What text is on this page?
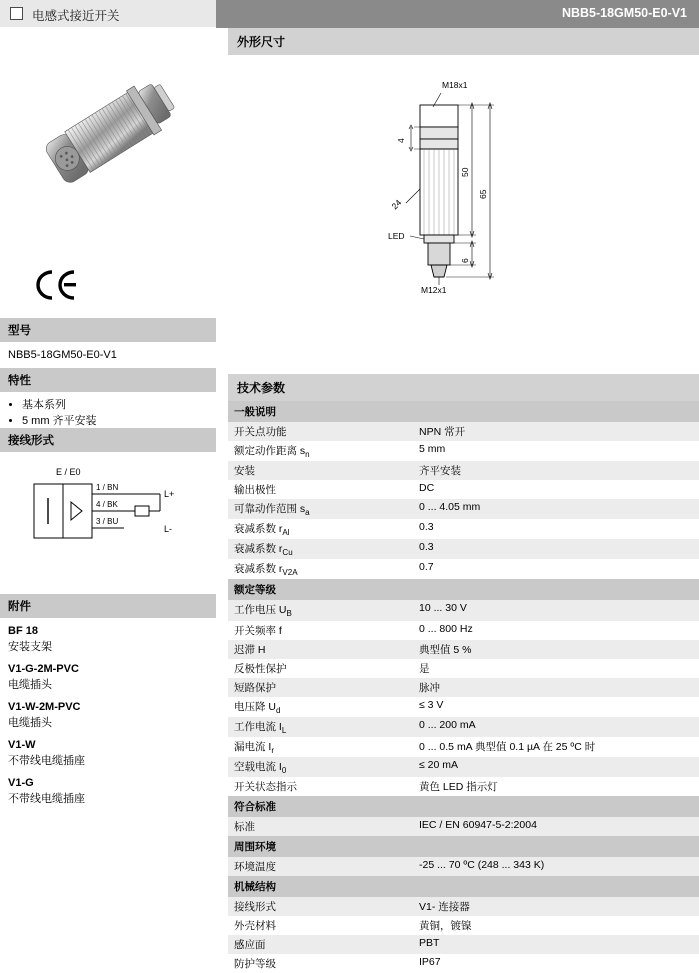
电感式接近开关	NBB5-18GM50-E0-V1
型号
NBB5-18GM50-E0-V1
特性
• 基本系列
• 5 mm 齐平安装
接线形式
E / E0
1 / BN
4 / BK
3 / BU
L+
L-
附件
BF 18
安装支架
V1-G-2M-PVC
电缆插头
V1-W-2M-PVC
电缆插头
V1-W
不带线电缆插座
V1-G
不带线电缆插座
外形尺寸
M18x1
LED
M12x1
24
4
50
65
6
技术参数
一般说明	
开关点功能	NPN 常开
额定动作距离 $s_n$	5 mm
安装	齐平安装
输出极性	DC
可靠动作范围 $s_a$	0 ... 4.05 mm
衰减系数 $r_{Al}$	0.3
衰减系数 $r_{Cu}$	0.3
衰减系数 $r_{V2A}$	0.7
额定等级	
工作电压 $U_B$	10 ... 30 V
开关频率 f	0 ... 800 Hz
迟滞 H	典型值 5 %
反极性保护	是
短路保护	脉冲
电压降 $U_d$	≤ 3 V
工作电流 $I_L$	0 ... 200 mA
漏电流 $I_r$	0 ... 0.5 mA 典型值 0.1 µA 在 25 ºC 时
空载电流 $I_0$	≤ 20 mA
开关状态指示	黄色 LED 指示灯
符合标准	
标准	IEC / EN 60947-5-2:2004
周围环境	
环境温度	-25 ... 70 ºC (248 ... 343 K)
机械结构	
接线形式	V1- 连接器
外壳材料	黄铜，镀镍
感应面	PBT
防护等级	IP67
